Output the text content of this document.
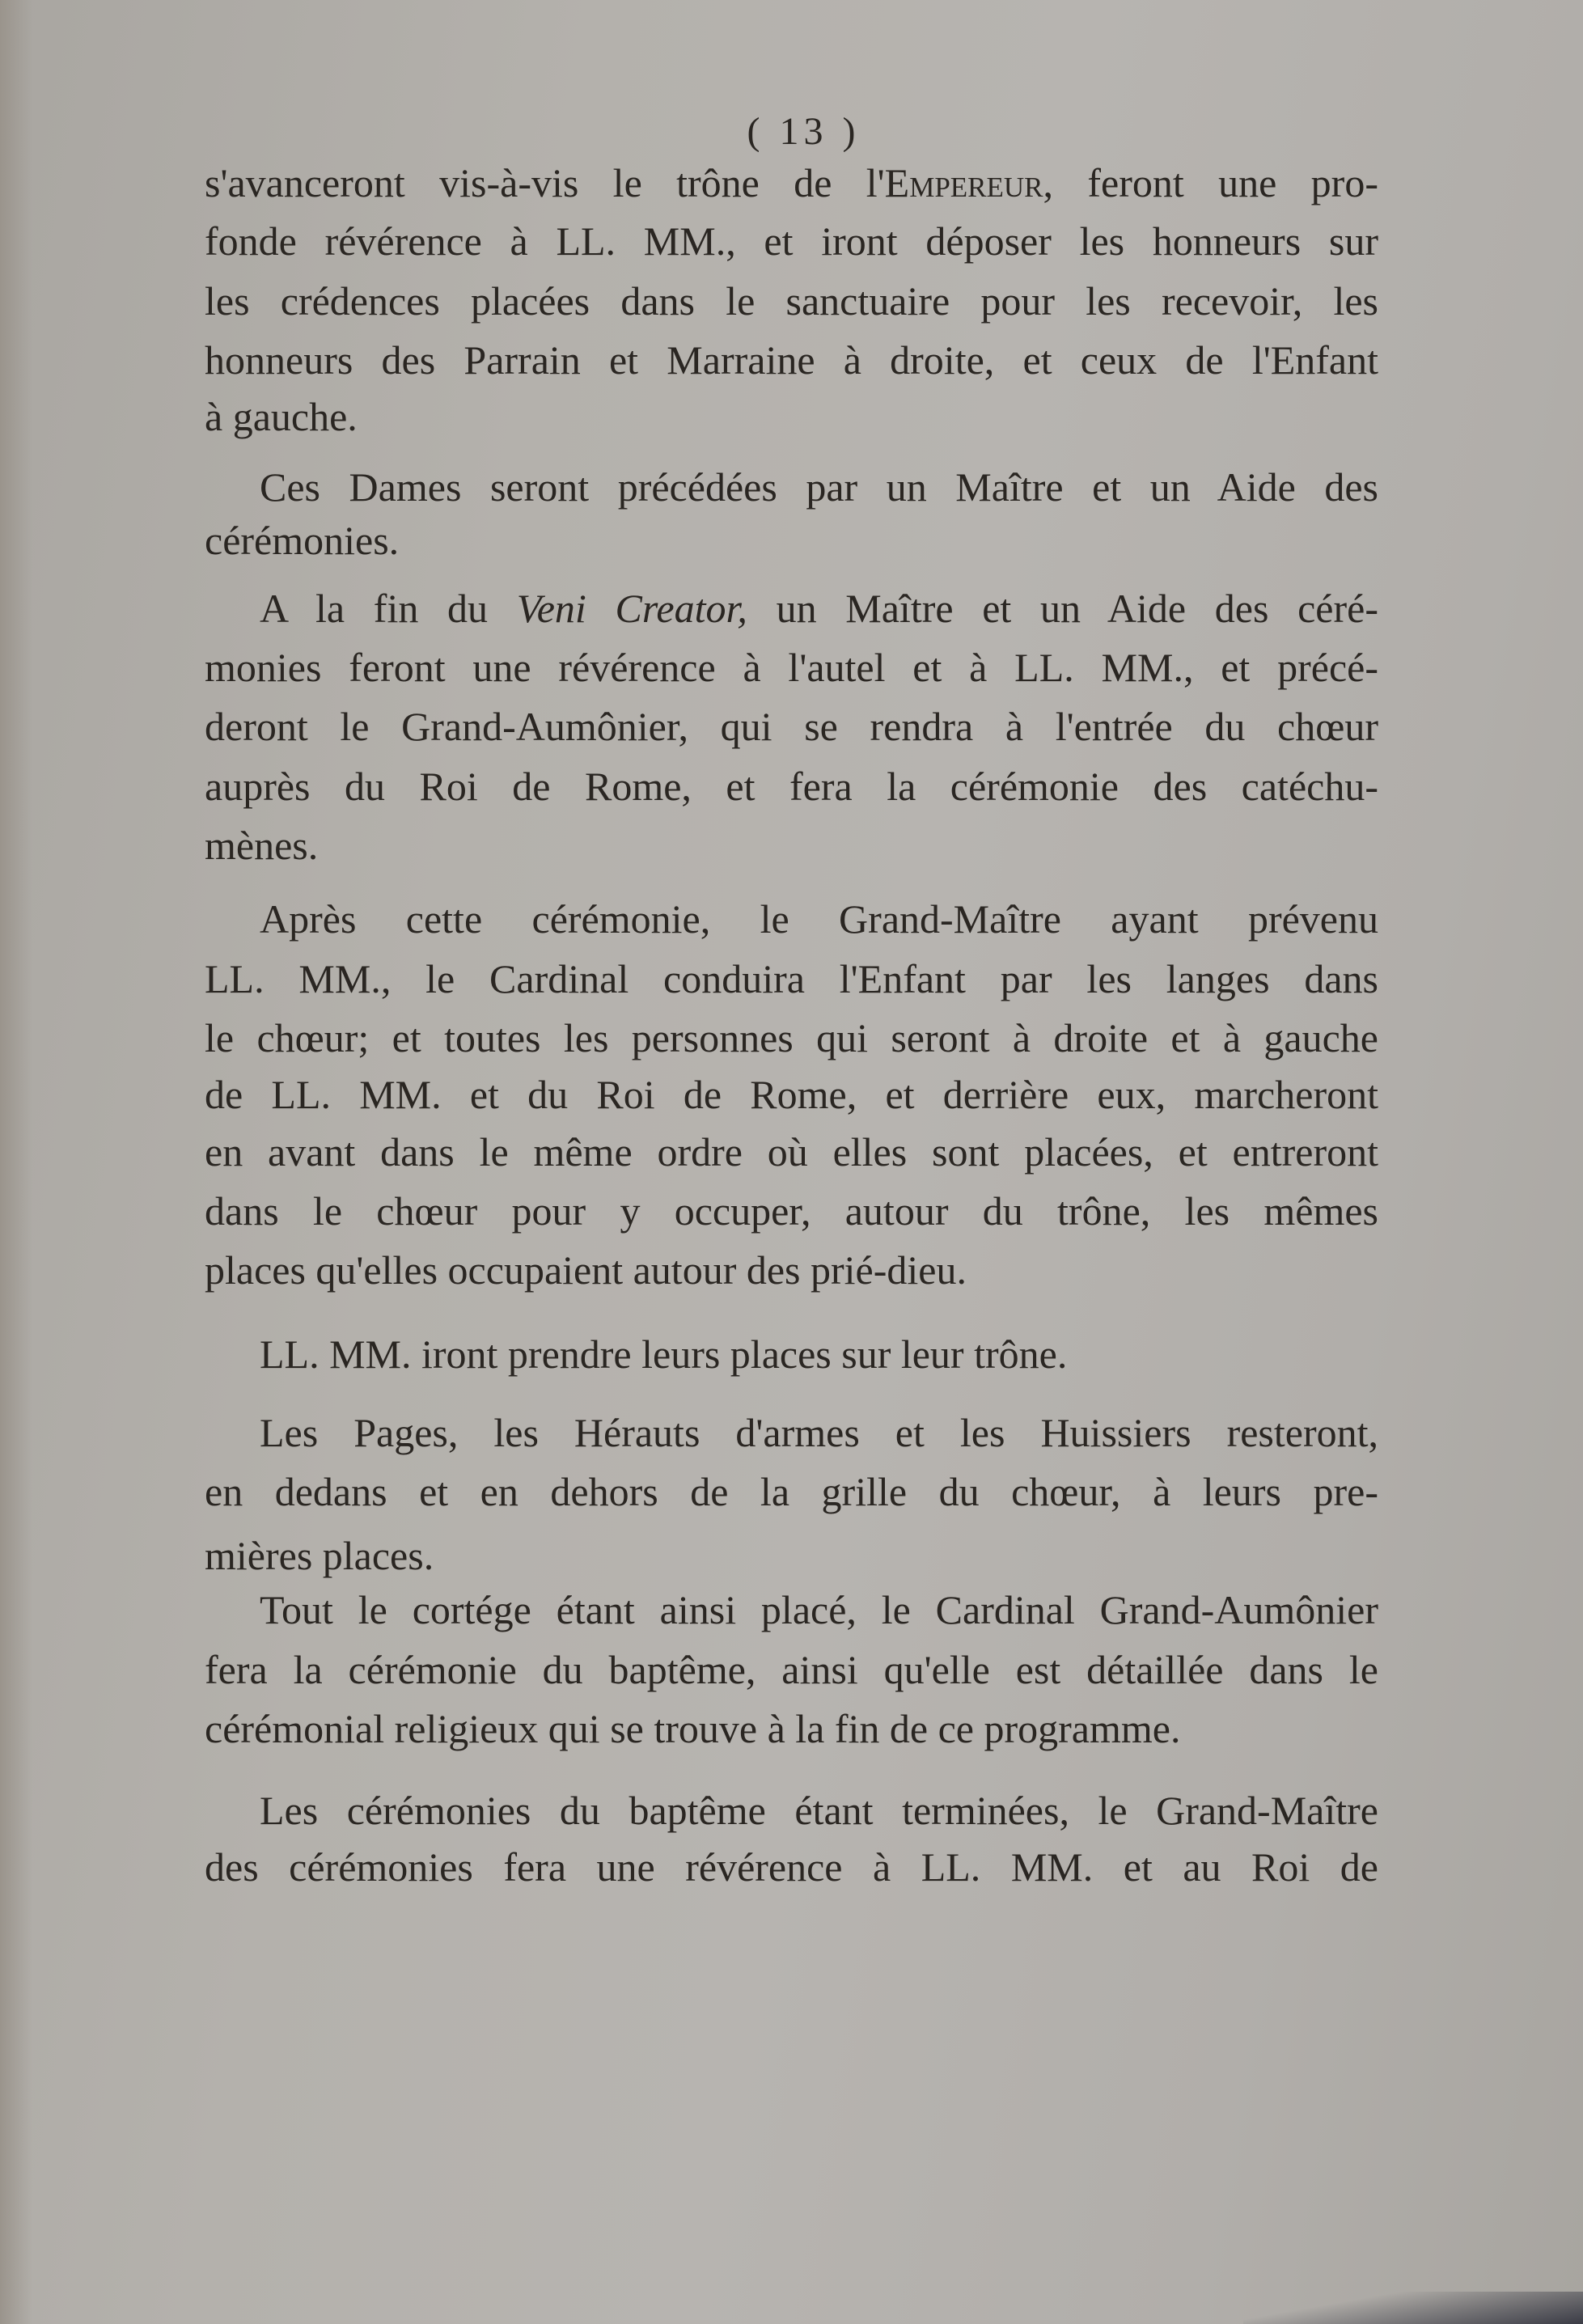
( 13 )
s'avanceront vis-à-vis le trône de l'Empereur, feront une pro-
fonde révérence à LL. MM., et iront déposer les honneurs sur
les crédences placées dans le sanctuaire pour les recevoir, les
honneurs des Parrain et Marraine à droite, et ceux de l'Enfant
à gauche.
Ces Dames seront précédées par un Maître et un Aide des
cérémonies.
A la fin du Veni Creator, un Maître et un Aide des céré-
monies feront une révérence à l'autel et à LL. MM., et précé-
deront le Grand-Aumônier, qui se rendra à l'entrée du chœur
auprès du Roi de Rome, et fera la cérémonie des catéchu-
mènes.
Après cette cérémonie, le Grand-Maître ayant prévenu
LL. MM., le Cardinal conduira l'Enfant par les langes dans
le chœur; et toutes les personnes qui seront à droite et à gauche
de LL. MM. et du Roi de Rome, et derrière eux, marcheront
en avant dans le même ordre où elles sont placées, et entreront
dans le chœur pour y occuper, autour du trône, les mêmes
places qu'elles occupaient autour des prié-dieu.
LL. MM. iront prendre leurs places sur leur trône.
Les Pages, les Hérauts d'armes et les Huissiers resteront,
en dedans et en dehors de la grille du chœur, à leurs pre-
mières places.
Tout le cortége étant ainsi placé, le Cardinal Grand-Aumônier
fera la cérémonie du baptême, ainsi qu'elle est détaillée dans le
cérémonial religieux qui se trouve à la fin de ce programme.
Les cérémonies du baptême étant terminées, le Grand-Maître
des cérémonies fera une révérence à LL. MM. et au Roi de
